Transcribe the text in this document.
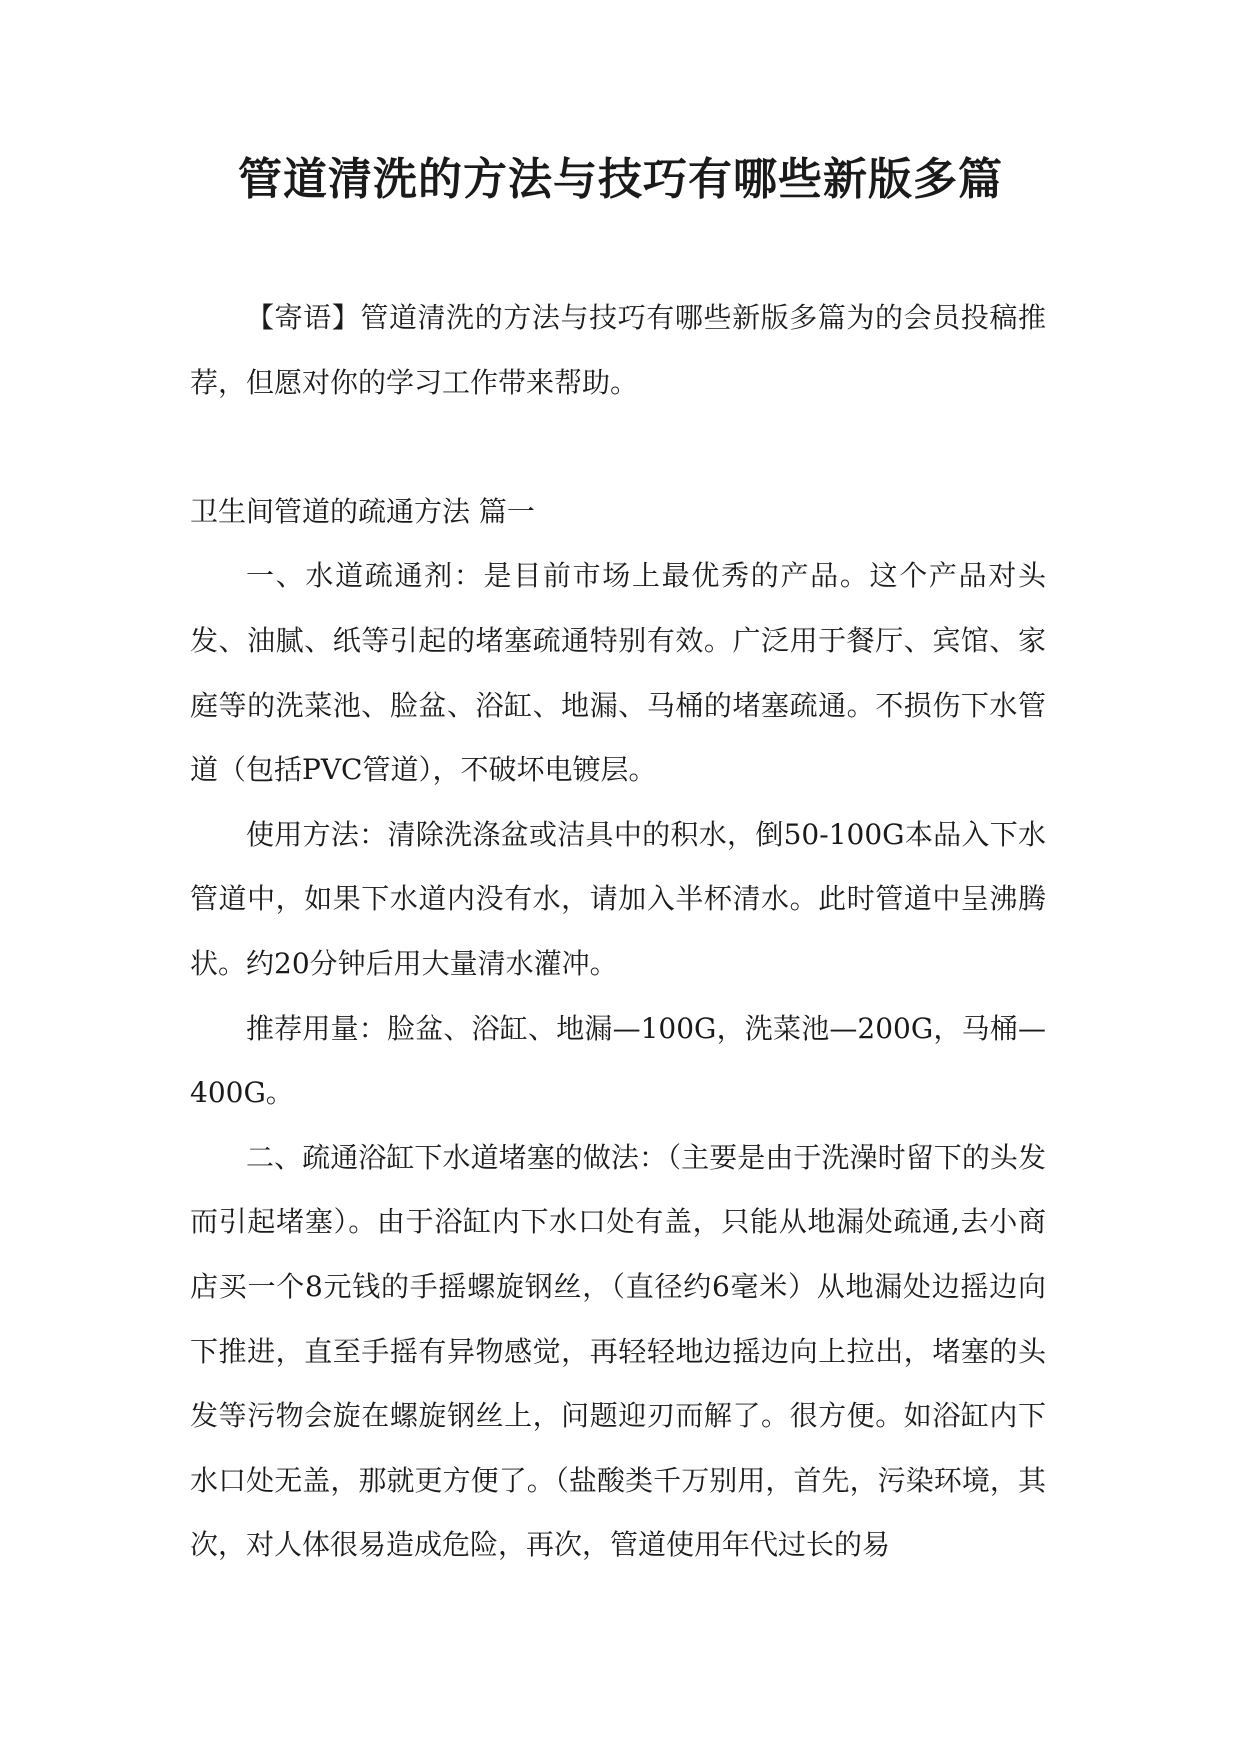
管道清洗的方法与技巧有哪些新版多篇

【寄语】管道清洗的方法与技巧有哪些新版多篇为的会员投稿推荐，但愿对你的学习工作带来帮助。

卫生间管道的疏通方法 篇一

一、水道疏通剂：是目前市场上最优秀的产品。这个产品对头发、油腻、纸等引起的堵塞疏通特别有效。广泛用于餐厅、宾馆、家庭等的洗菜池、脸盆、浴缸、地漏、马桶的堵塞疏通。不损伤下水管道（包括PVC管道），不破坏电镀层。

使用方法：清除洗涤盆或洁具中的积水，倒50-100G本品入下水管道中，如果下水道内没有水，请加入半杯清水。此时管道中呈沸腾状。约20分钟后用大量清水灌冲。

推荐用量：脸盆、浴缸、地漏—100G，洗菜池—200G，马桶—400G。

二、疏通浴缸下水道堵塞的做法：（主要是由于洗澡时留下的头发而引起堵塞）。由于浴缸内下水口处有盖，只能从地漏处疏通,去小商店买一个8元钱的手摇螺旋钢丝，（直径约6毫米）从地漏处边摇边向下推进，直至手摇有异物感觉，再轻轻地边摇边向上拉出，堵塞的头发等污物会旋在螺旋钢丝上，问题迎刃而解了。很方便。如浴缸内下水口处无盖，那就更方便了。（盐酸类千万别用，首先，污染环境，其次，对人体很易造成危险，再次，管道使用年代过长的易
